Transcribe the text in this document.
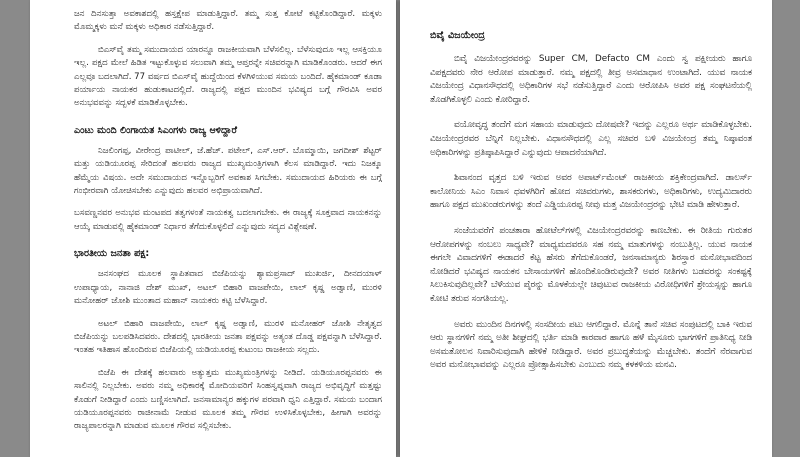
ಜನ ದಿನಸುತ್ತಾ ಅವಕಾಶದಲ್ಲಿ ಹಸ್ತಕ್ಷೇಪ ಮಾಡುತ್ತಿದ್ದಾರೆ. ತಮ್ಮ ಸುತ್ತ ಕೋಟೆ ಕಟ್ಟಿಕೊಂಡಿದ್ದಾರೆ. ಮಕ್ಕಳು ಮೊಮ್ಮಕ್ಕಳು ಮನೆ ಮಕ್ಕಳು ಅಧಿಕಾರ ನಡೆಸುತ್ತಿದ್ದಾರೆ.

ಬಿಎಸ್‌ವೈ ತಮ್ಮ ಸಮುದಾಯದ ಯಾರನ್ನೂ ರಾಜಕೀಯವಾಗಿ ಬೆಳೆಸಲಿಲ್ಲ. ಬೆಳೆಸುವುದೂ ಇಲ್ಲ ಆಸಕ್ತಿಯೂ ಇಲ್ಲ. ಪಕ್ಷದ ಮೇಲೆ ಹಿಡಿತ ಇಟ್ಟುಕೊಳ್ಳುವ ಸಲುವಾಗಿ ತಮ್ಮ ಆಪ್ತರನ್ನೇ ಸಚಿವರನ್ನಾಗಿ ಮಾಡಿಕೊಂಡರು. ಆದರೆ ಈಗ ಎಲ್ಲವೂ ಬದಲಾಗಿದೆ. 77 ವರ್ಷದ ಬಿಎಸ್‌ವೈ ಹುದ್ದೆಯಿಂದ ಕೆಳಗಿಳಿಯುವ ಸಮಯ ಬಂದಿದೆ. ಹೈಕಮಾಂಡ್ ಕೂಡಾ ಪರ್ಯಾಯ ನಾಯಕರ ಹುಡುಕಾಟದಲ್ಲಿದೆ. ರಾಜ್ಯದಲ್ಲಿ ಪಕ್ಷದ ಮುಂದಿನ ಭವಿಷ್ಯದ ಬಗ್ಗೆ ಗೌರವಿಸಿ ಅವರ ಅನುಭವವನ್ನು ಸದ್ಬಳಕೆ ಮಾಡಿಕೊಳ್ಳಬೇಕು.

ಎಂಟು ಮಂದಿ ಲಿಂಗಾಯತ ಸಿಎಂಗಳು ರಾಜ್ಯ ಆಳಿದ್ದಾರೆ

ನಿಜಲಿಂಗಪ್ಪ, ವೀರೇಂದ್ರ ಪಾಟೀಲ್, ಜೆ.ಹೆಚ್. ಪಟೇಲ್, ಎಸ್.ಆರ್. ಬೊಮ್ಮಾಯಿ, ಜಗದೀಶ್ ಶೆಟ್ಟರ್ ಮತ್ತು ಯಡಿಯೂರಪ್ಪ ಸೇರಿದಂತೆ ಹಲವರು ರಾಜ್ಯದ ಮುಖ್ಯಮಂತ್ರಿಗಳಾಗಿ ಕೆಲಸ ಮಾಡಿದ್ದಾರೆ. ಇದು ನಿಜಕ್ಕೂ ಹೆಮ್ಮೆಯ ವಿಷಯ. ಅದೇ ಸಮುದಾಯದ ಇನ್ನೊಬ್ಬರಿಗೆ ಅವಕಾಶ ಸಿಗಬೇಕು. ಸಮುದಾಯದ ಹಿರಿಯರು ಈ ಬಗ್ಗೆ ಗಂಭೀರವಾಗಿ ಯೋಚಿಸಬೇಕು ಎನ್ನುವುದು ಹಲವರ ಅಭಿಪ್ರಾಯವಾಗಿದೆ.

ಬಸವಣ್ಣನವರ ಅನುಭವ ಮಂಟಪದ ತತ್ವಗಳಂತೆ ನಾಯಕತ್ವ ಬದಲಾಗಬೇಕು. ಈ ರಾಜ್ಯಕ್ಕೆ ಸೂಕ್ತವಾದ ನಾಯಕನನ್ನು ಆಯ್ಕೆ ಮಾಡುವಲ್ಲಿ ಹೈಕಮಾಂಡ್ ನಿರ್ಧಾರ ತೆಗೆದುಕೊಳ್ಳಲಿದೆ ಎನ್ನುವುದು ಸದ್ಯದ ವಿಶ್ಲೇಷಣೆ.

ಭಾರತೀಯ ಜನತಾ ಪಕ್ಷ:

ಜನಸಂಘದ ಮೂಲಕ ಸ್ಥಾಪಿತವಾದ ಬಿಜೆಪಿಯನ್ನು ಶ್ಯಾಮಪ್ರಸಾದ್ ಮುಖರ್ಜಿ, ದೀನದಯಾಳ್ ಉಪಾಧ್ಯಾಯ, ನಾನಾಜಿ ದೇಶ್ ಮುಖ್, ಅಟಲ್ ಬಿಹಾರಿ ವಾಜಪೇಯಿ, ಲಾಲ್ ಕೃಷ್ಣ ಅಡ್ವಾಣಿ, ಮುರಳಿ ಮನೋಹರ್ ಜೋಶಿ ಮುಂತಾದ ಮಹಾನ್ ನಾಯಕರು ಕಟ್ಟಿ ಬೆಳೆಸಿದ್ದಾರೆ.

ಅಟಲ್ ಬಿಹಾರಿ ವಾಜಪೇಯಿ, ಲಾಲ್ ಕೃಷ್ಣ ಅಡ್ವಾಣಿ, ಮುರಳಿ ಮನೋಹರ್ ಜೋಶಿ ನೇತೃತ್ವದ ಬಿಜೆಪಿಯನ್ನು ಬಲಪಡಿಸಿದವರು. ದೇಶದಲ್ಲಿ ಭಾರತೀಯ ಜನತಾ ಪಕ್ಷವನ್ನು ಅತ್ಯಂತ ದೊಡ್ಡ ಪಕ್ಷವನ್ನಾಗಿ ಬೆಳೆಸಿದ್ದಾರೆ. ಇಂತಹ ಇತಿಹಾಸ ಹೊಂದಿರುವ ಬಿಜೆಪಿಯಲ್ಲಿ ಯಡಿಯೂರಪ್ಪ ಕುಟುಂಬ ರಾಜಕೀಯ ಸಲ್ಲದು.

ಬಿಜೆಪಿ ಈ ದೇಶಕ್ಕೆ ಹಲವಾರು ಅತ್ಯುತ್ತಮ ಮುಖ್ಯಮಂತ್ರಿಗಳನ್ನು ನೀಡಿದೆ. ಯಡಿಯೂರಪ್ಪನವರು ಈ ಸಾಲಿನಲ್ಲಿ ನಿಲ್ಲಬೇಕು. ಅವರು ನಮ್ಮ ಅಧಿಕಾರಕ್ಕೆ ಮೋದಿಯವರಿಗೆ ಸಿಂಹಸ್ವಪ್ನವಾಗಿ ರಾಜ್ಯದ ಅಭಿವೃದ್ಧಿಗೆ ಮತ್ತಷ್ಟು ಕೊಡುಗೆ ನೀಡಿದ್ದಾರೆ ಎಂದು ಬಣ್ಣಿಸಲಾಗಿದೆ. ಜನಸಾಮಾನ್ಯರ ಹಕ್ಕುಗಳ ಪರವಾಗಿ ಧ್ವನಿ ಎತ್ತಿದ್ದಾರೆ. ಸಮಯ ಬಂದಾಗ ಯಡಿಯೂರಪ್ಪನವರು ರಾಜೀನಾಮೆ ನೀಡುವ ಮೂಲಕ ತಮ್ಮ ಗೌರವ ಉಳಿಸಿಕೊಳ್ಳಬೇಕು, ಹೀಗಾಗಿ ಅವರನ್ನು ರಾಜ್ಯಪಾಲರನ್ನಾಗಿ ಮಾಡುವ ಮೂಲಕ ಗೌರವ ಸಲ್ಲಿಸಬೇಕು.

ಬಿವೈ ವಿಜಯೇಂದ್ರ

ಬಿವೈ ವಿಜಯೇಂದ್ರರವರನ್ನು Super CM, Defacto CM ಎಂದು ಸ್ವ ಪಕ್ಷೀಯರು ಹಾಗೂ ವಿಪಕ್ಷದವರು ನೇರ ಆರೋಪ ಮಾಡುತ್ತಾರೆ. ನಮ್ಮ ಪಕ್ಷದಲ್ಲಿ ತೀವ್ರ ಅಸಮಾಧಾನ ಉಂಟಾಗಿದೆ. ಯುವ ನಾಯಕ ವಿಜಯೇಂದ್ರ ವಿಧಾನಸೌಧದಲ್ಲಿ ಅಧಿಕಾರಿಗಳ ಸಭೆ ನಡೆಸುತ್ತಿದ್ದಾರೆ ಎಂದು ಆರೋಪಿಸಿ ಅವರ ಪಕ್ಷ ಸಂಘಟನೆಯಲ್ಲಿ ತೊಡಗಿಕೊಳ್ಳಲಿ ಎಂದು ಕೋರಿದ್ದಾರೆ.

ವಯೋವೃದ್ಧ ತಂದೆಗೆ ಮಗ ಸಹಾಯ ಮಾಡುವುದು ದೋಷವೇ? ಇದನ್ನು ಎಲ್ಲರೂ ಅರ್ಥ ಮಾಡಿಕೊಳ್ಳಬೇಕು. ವಿಜಯೇಂದ್ರರವರ ಬೆನ್ನಿಗೆ ನಿಲ್ಲಬೇಕು. ವಿಧಾನಸೌಧದಲ್ಲಿ ಎಲ್ಲ ಸಚಿವರ ಬಳಿ ವಿಜಯೇಂದ್ರ ತಮ್ಮ ನಿಷ್ಠಾವಂತ ಅಧಿಕಾರಿಗಳನ್ನು ಪ್ರತಿಷ್ಠಾಪಿಸಿದ್ದಾರೆ ಎನ್ನುವುದು ಆಪಾದನೆಯಾಗಿದೆ.

ಶಿವಾನಂದ ವೃತ್ತದ ಬಳಿ ಇರುವ ಅವರ ಅಪಾರ್ಟ್‌ಮೆಂಟ್ ರಾಜಕೀಯ ಶಕ್ತಿಕೇಂದ್ರವಾಗಿದೆ. ಡಾಲರ್ಸ್ ಕಾಲೋನಿಯ ಸಿಎಂ ನಿವಾಸ ಧವಳಗಿರಿಗೆ ಹೋದ ಸಚಿವರುಗಳು, ಶಾಸಕರುಗಳು, ಅಧಿಕಾರಿಗಳು, ಉದ್ಯಮಿದಾರರು ಹಾಗೂ ಪಕ್ಷದ ಮುಖಂಡರುಗಳನ್ನು ತಂದೆ ಎಡ್ಡಿಯೂರಪ್ಪ ನೀವು ಮತ್ತ ವಿಜಯೇಂದ್ರರನ್ನು ಭೇಟಿ ಮಾಡಿ ಹೇಳುತ್ತಾರೆ.

ಸಂಜೆಯವರೆಗೆ ಪಂಚತಾರಾ ಹೋಟೆಲ್‌ಗಳಲ್ಲಿ ವಿಜಯೇಂದ್ರರವರನ್ನು ಕಾಣಬೇಕು. ಈ ರೀತಿಯ ಗುರುತರ ಆರೋಪಗಳನ್ನು ನಂಬಲು ಸಾಧ್ಯವೇ? ಮಾಧ್ಯಮದವರೂ ಸಹ ನಮ್ಮ ಮಾತುಗಳನ್ನು ನಂಬುತ್ತಿಲ್ಲ. ಯುವ ನಾಯಕ ಈಗಲೇ ವಿವಾದಗಳಿಗೆ ಈಡಾದರೆ ಕೆಟ್ಟ ಹೆಸರು ತೆಗೆದುಕೊಂಡರೆ, ಜನಸಾಮಾನ್ಯರು ಶಿರಸ್ತ್ರಾರ ಮನೋಭಾವದಿಂದ ನೋಡಿದರೆ ಭವಿಷ್ಯದ ನಾಯಕನ ಬೇಸಾಯಗಳಿಗೆ ಹೊಂದಿಕೊಂಡಿರುವುದೇ? ಅವರ ನೀತಿಗಳು ಬಡವರನ್ನು ಸಂಕಷ್ಟಕ್ಕೆ ಸಿಲುಕಿಸುವುದಿಲ್ಲವೇ? ಬೆಳೆಯುವ ಪೈರನ್ನು ಮೊಳಕೆಯಲ್ಲೇ ಚಿವುಟುವ ರಾಜಕೀಯ ವಿರೋಧಿಗಳಿಗೆ ಶ್ರೇಯಸ್ಸನ್ನು ಹಾಗೂ ಕೋಟಿ ತರುವ ಸಂಗತಿಯಲ್ಲ.

ಅವರು ಮುಂದಿನ ದಿನಗಳಲ್ಲಿ ಸಂಸದೀಯ ಪಟು ಆಗಲಿದ್ದಾರೆ. ಮೊನ್ನೆ ತಾನೆ ಸಚಿವ ಸಂಪುಟದಲ್ಲಿ ಬಾಕಿ ಇರುವ ಆರು ಸ್ಥಾನಗಳಿಗೆ ನಮ್ಮ ಅತೀ ಶೀಘ್ರದಲ್ಲಿ ಭರ್ತಿ ಮಾಡಿ ಕಾರವಾರ ಹಾಗೂ ಹಳೆ ಮೈಸೂರು ಭಾಗಗಳಿಗೆ ಪ್ರಾತಿನಿಧ್ಯ ನೀಡಿ ಅಸಮತೋಲನ ನಿವಾರಿಸುವುದಾಗಿ ಹೇಳಿಕೆ ನೀಡಿದ್ದಾರೆ. ಅವರ ಪ್ರಬುದ್ಧತೆಯನ್ನು ಮೆಚ್ಚಬೇಕು. ತಂದೆಗೆ ನೆರವಾಗುವ ಅವರ ಮನೋಭಾವವನ್ನು ಎಲ್ಲರೂ ಪ್ರೋತ್ಸಾಹಿಸಬೇಕು ಎಂಬುದು ನಮ್ಮ ಕಳಕಳಿಯ ಮನವಿ.
